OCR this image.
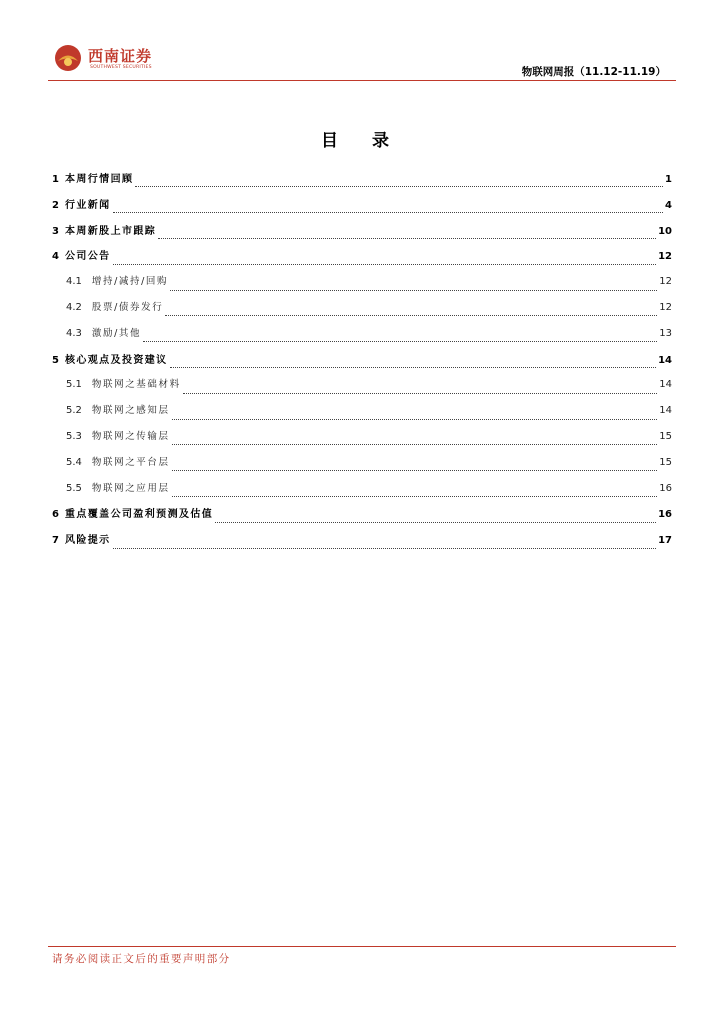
西南证券
SOUTHWEST SECURITIES	物联网周报（11.12-11.19）
目 录
1 本周行情回顾	1
2 行业新闻	4
3 本周新股上市跟踪	10
4 公司公告	12
4.1 增持/减持/回购	12
4.2 股票/债券发行	12
4.3 激励/其他	13
5 核心观点及投资建议	14
5.1 物联网之基础材料	14
5.2 物联网之感知层	14
5.3 物联网之传输层	15
5.4 物联网之平台层	15
5.5 物联网之应用层	16
6 重点覆盖公司盈利预测及估值	16
7 风险提示	17
请务必阅读正文后的重要声明部分
